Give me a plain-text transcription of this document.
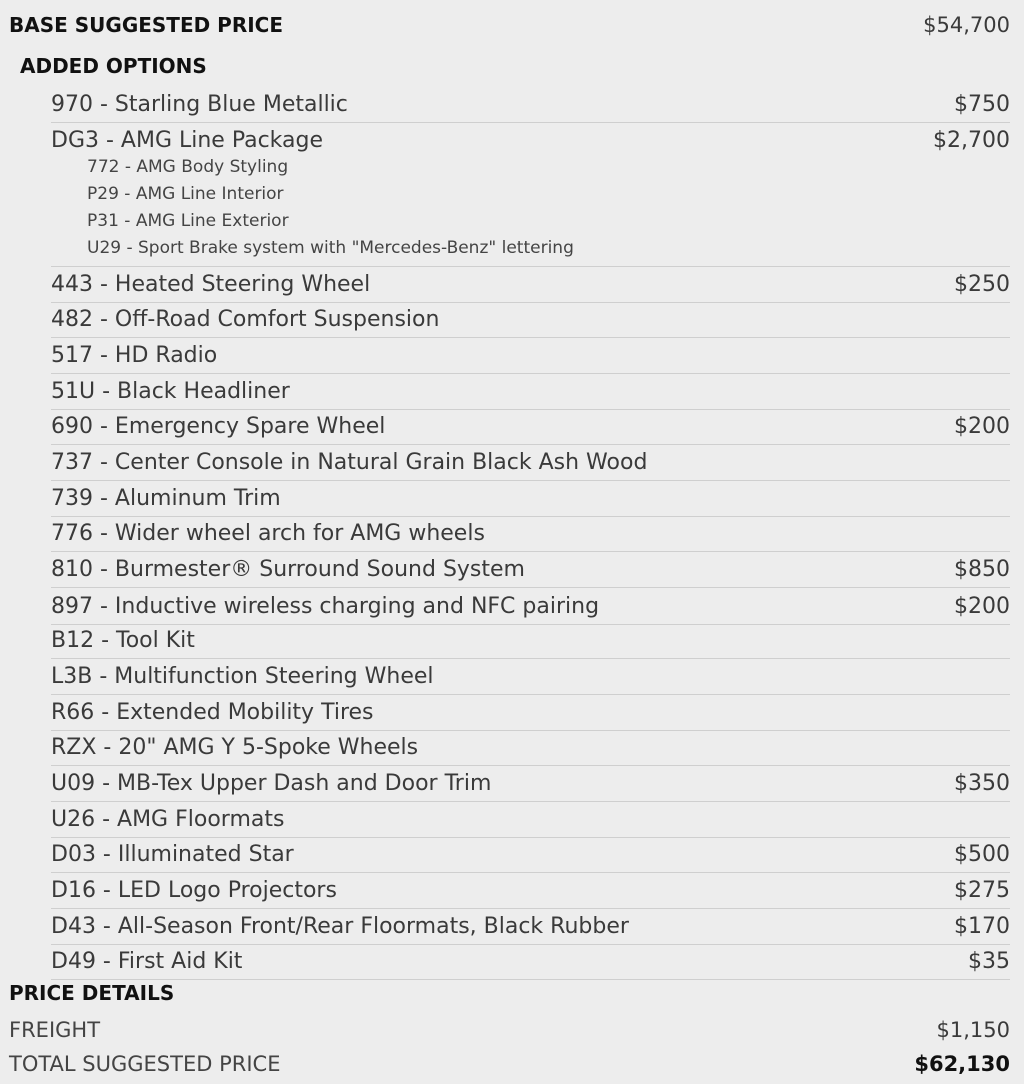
BASE SUGGESTED PRICE	$54,700
ADDED OPTIONS
970 - Starling Blue Metallic	$750
DG3 - AMG Line Package	$2,700
772 - AMG Body Styling
P29 - AMG Line Interior
P31 - AMG Line Exterior
U29 - Sport Brake system with "Mercedes-Benz" lettering
443 - Heated Steering Wheel	$250
482 - Off-Road Comfort Suspension
517 - HD Radio
51U - Black Headliner
690 - Emergency Spare Wheel	$200
737 - Center Console in Natural Grain Black Ash Wood
739 - Aluminum Trim
776 - Wider wheel arch for AMG wheels
810 - Burmester® Surround Sound System	$850
897 - Inductive wireless charging and NFC pairing	$200
B12 - Tool Kit
L3B - Multifunction Steering Wheel
R66 - Extended Mobility Tires
RZX - 20" AMG Y 5-Spoke Wheels
U09 - MB-Tex Upper Dash and Door Trim	$350
U26 - AMG Floormats
D03 - Illuminated Star	$500
D16 - LED Logo Projectors	$275
D43 - All-Season Front/Rear Floormats, Black Rubber	$170
D49 - First Aid Kit	$35
PRICE DETAILS
FREIGHT	$1,150
TOTAL SUGGESTED PRICE	$62,130
